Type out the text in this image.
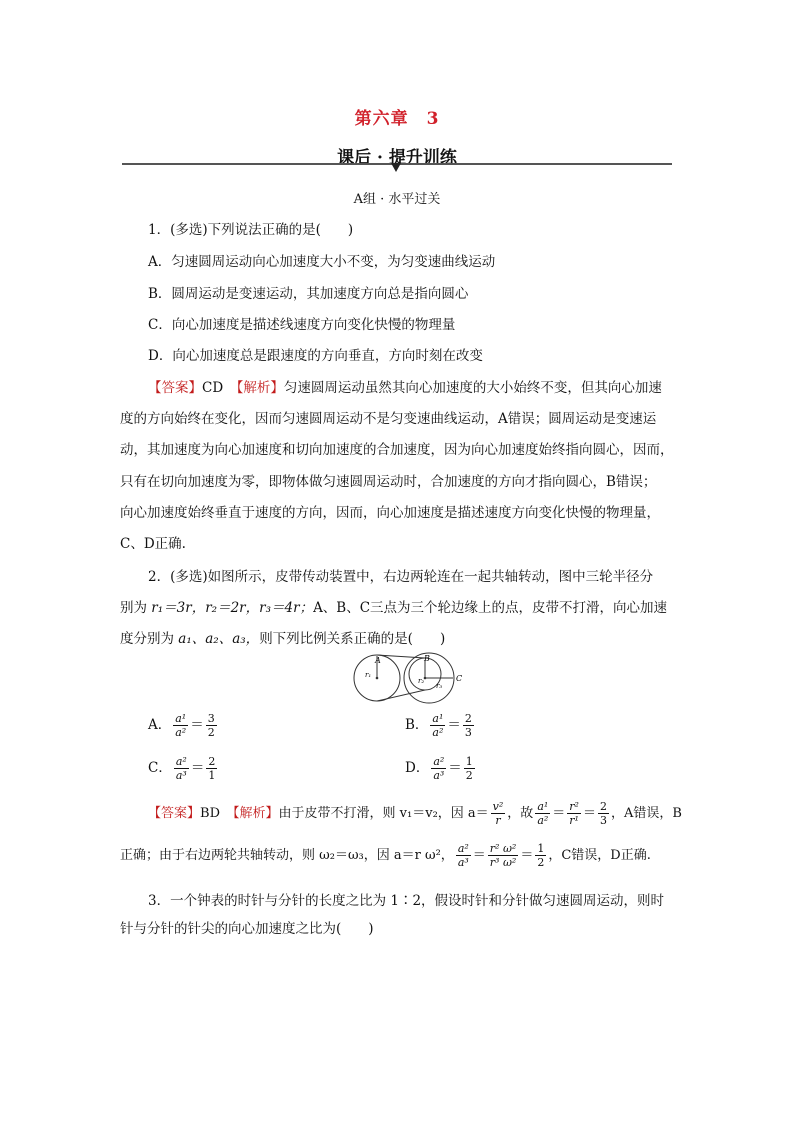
第六章　3
课后 · 提升训练
A组 · 水平过关
1．(多选)下列说法正确的是(　　)
A．匀速圆周运动向心加速度大小不变，为匀变速曲线运动
B．圆周运动是变速运动，其加速度方向总是指向圆心
C．向心加速度是描述线速度方向变化快慢的物理量
D．向心加速度总是跟速度的方向垂直，方向时刻在改变
【答案】CD　 【解析】匀速圆周运动虽然其向心加速度的大小始终不变，但其向心加速
度的方向始终在变化，因而匀速圆周运动不是匀变速曲线运动，A错误；圆周运动是变速运
动，其加速度为向心加速度和切向加速度的合加速度，因为向心加速度始终指向圆心，因而，
只有在切向加速度为零，即物体做匀速圆周运动时，合加速度的方向才指向圆心，B错误；
向心加速度始终垂直于速度的方向，因而，向心加速度是描述速度方向变化快慢的物理量，
C、D正确.
2．(多选)如图所示，皮带传动装置中，右边两轮连在一起共轴转动，图中三轮半径分
别为 r₁＝3r，r₂＝2r，r₃＝4r；A、B、C三点为三个轮边缘上的点，皮带不打滑，向心加速
度分别为 a₁、a₂、a₃，则下列比例关系正确的是(　　)
A	B
C
r₁
r₂
r₃
A． $\frac{\text{a¹}}{\text{a²}} = \frac{3}{2}$	B． $\frac{\text{a¹}}{\text{a²}} = \frac{2}{3}$
C． $\frac{\text{a²}}{\text{a³}} = \frac{2}{1}$	D． $\frac{\text{a²}}{\text{a³}} = \frac{1}{2}$
【答案】BD　 【解析】由于皮带不打滑，则 v₁＝v₂，因 $a= \frac{\text{v²}}{r}$ ，故 $\frac{\text{a¹}}{\text{a²}} = \frac{\text{r²}}{\text{r¹}} = \frac{2}{3}$ ，A错误，B
正确；由于右边两轮共轴转动，则 ω₂＝ω₃，因 a＝r ω²， $\frac{\text{a²}}{\text{a³}} = \frac{\text{r² ω²}}{\text{r³ ω²}} = \frac{1}{2}$ ，C错误，D正确.
3．一个钟表的时针与分针的长度之比为 1∶2，假设时针和分针做匀速圆周运动，则时
针与分针的针尖的向心加速度之比为(　　)
